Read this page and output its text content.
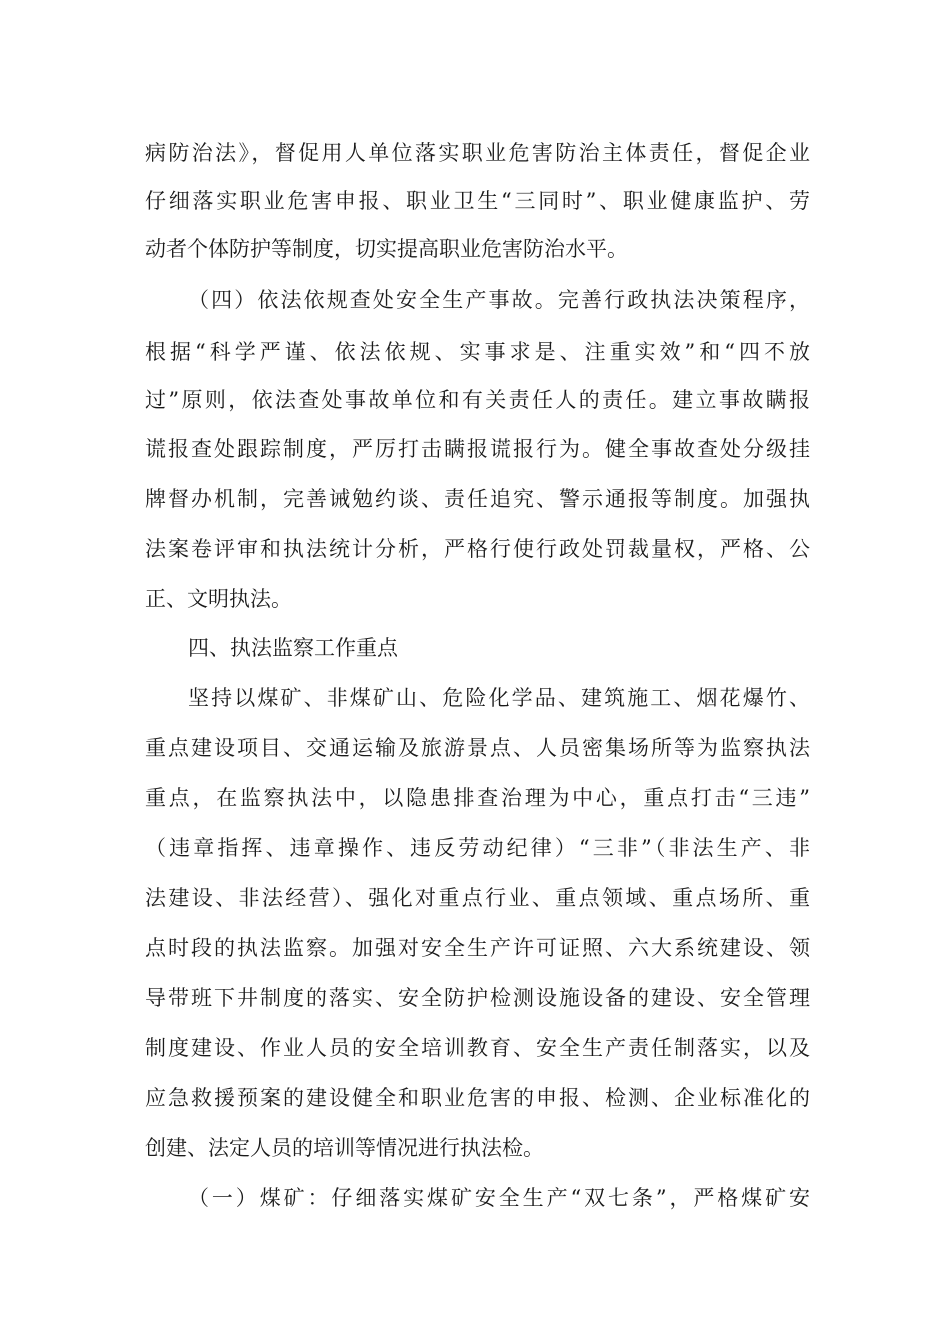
病防治法》，督促用人单位落实职业危害防治主体责任，督促企业
仔细落实职业危害申报、职业卫生“三同时”、职业健康监护、劳
动者个体防护等制度，切实提高职业危害防治水平。
（四）依法依规查处安全生产事故。完善行政执法决策程序，
根据“科学严谨、依法依规、实事求是、注重实效”和“四不放
过”原则，依法查处事故单位和有关责任人的责任。建立事故瞒报
谎报查处跟踪制度，严厉打击瞒报谎报行为。健全事故查处分级挂
牌督办机制，完善诫勉约谈、责任追究、警示通报等制度。加强执
法案卷评审和执法统计分析，严格行使行政处罚裁量权，严格、公
正、文明执法。
四、执法监察工作重点
坚持以煤矿、非煤矿山、危险化学品、建筑施工、烟花爆竹、
重点建设项目、交通运输及旅游景点、人员密集场所等为监察执法
重点，在监察执法中，以隐患排查治理为中心，重点打击“三违”
（违章指挥、违章操作、违反劳动纪律）“三非”（非法生产、非
法建设、非法经营）、强化对重点行业、重点领域、重点场所、重
点时段的执法监察。加强对安全生产许可证照、六大系统建设、领
导带班下井制度的落实、安全防护检测设施设备的建设、安全管理
制度建设、作业人员的安全培训教育、安全生产责任制落实，以及
应急救援预案的建设健全和职业危害的申报、检测、企业标准化的
创建、法定人员的培训等情况进行执法检。
（一）煤矿：仔细落实煤矿安全生产“双七条”，严格煤矿安
